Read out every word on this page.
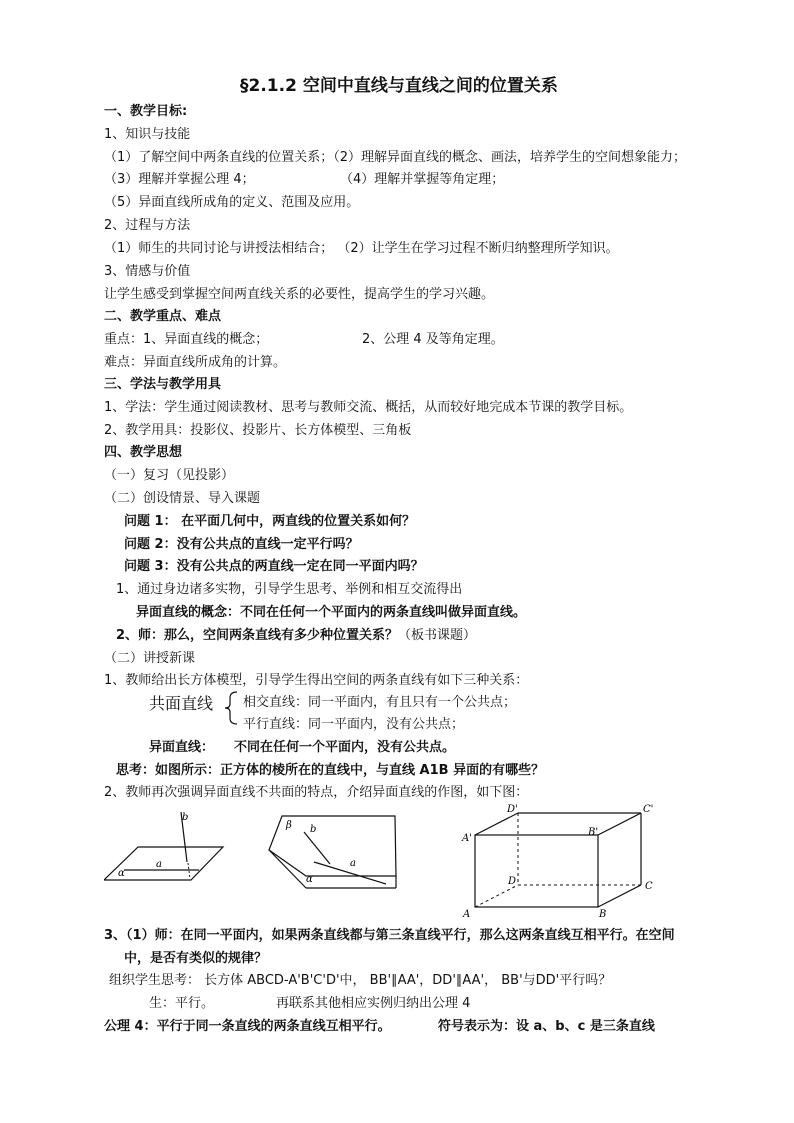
§2.1.2 空间中直线与直线之间的位置关系
一、教学目标:
1、知识与技能
（1）了解空间中两条直线的位置关系；（2）理解异面直线的概念、画法，培养学生的空间想象能力；
（3）理解并掌握公理 4；	（4）理解并掌握等角定理；
（5）异面直线所成角的定义、范围及应用。
2、过程与方法
（1）师生的共同讨论与讲授法相结合； （2）让学生在学习过程不断归纳整理所学知识。
3、情感与价值
让学生感受到掌握空间两直线关系的必要性，提高学生的学习兴趣。
二、教学重点、难点
重点：1、异面直线的概念；	2、公理 4 及等角定理。
难点：异面直线所成角的计算。
三、学法与教学用具
1、学法：学生通过阅读教材、思考与教师交流、概括，从而较好地完成本节课的教学目标。
2、教学用具：投影仪、投影片、长方体模型、三角板
四、教学思想
（一）复习（见投影）
（二）创设情景、导入课题
问题 1： 在平面几何中，两直线的位置关系如何？
问题 2：没有公共点的直线一定平行吗？
问题 3：没有公共点的两直线一定在同一平面内吗？
1、通过身边诸多实物，引导学生思考、举例和相互交流得出
异面直线的概念：不同在任何一个平面内的两条直线叫做异面直线。
2、师：那么，空间两条直线有多少种位置关系？（板书课题）
（二）讲授新课
1、教师给出长方体模型，引导学生得出空间的两条直线有如下三种关系：
共面直线 相交直线：同一平面内，有且只有一个公共点；
平行直线：同一平面内，没有公共点；
异面直线： 不同在任何一个平面内，没有公共点。
思考：如图所示：正方体的棱所在的直线中，与直线 A1B 异面的有哪些？
2、教师再次强调异面直线不共面的特点，介绍异面直线的作图，如下图：
b
a
α
β b
a
α
D'	C'
A'
B'
D	C
A	B
3、（1）师：在同一平面内，如果两条直线都与第三条直线平行，那么这两条直线互相平行。在空间
中，是否有类似的规律？
组织学生思考： 长方体 ABCD-A'B'C'D'中， BB'∥AA'，DD'∥AA'， BB'与DD'平行吗？
生：平行。	再联系其他相应实例归纳出公理 4
公理 4：平行于同一条直线的两条直线互相平行。	符号表示为：设 a、b、c 是三条直线
